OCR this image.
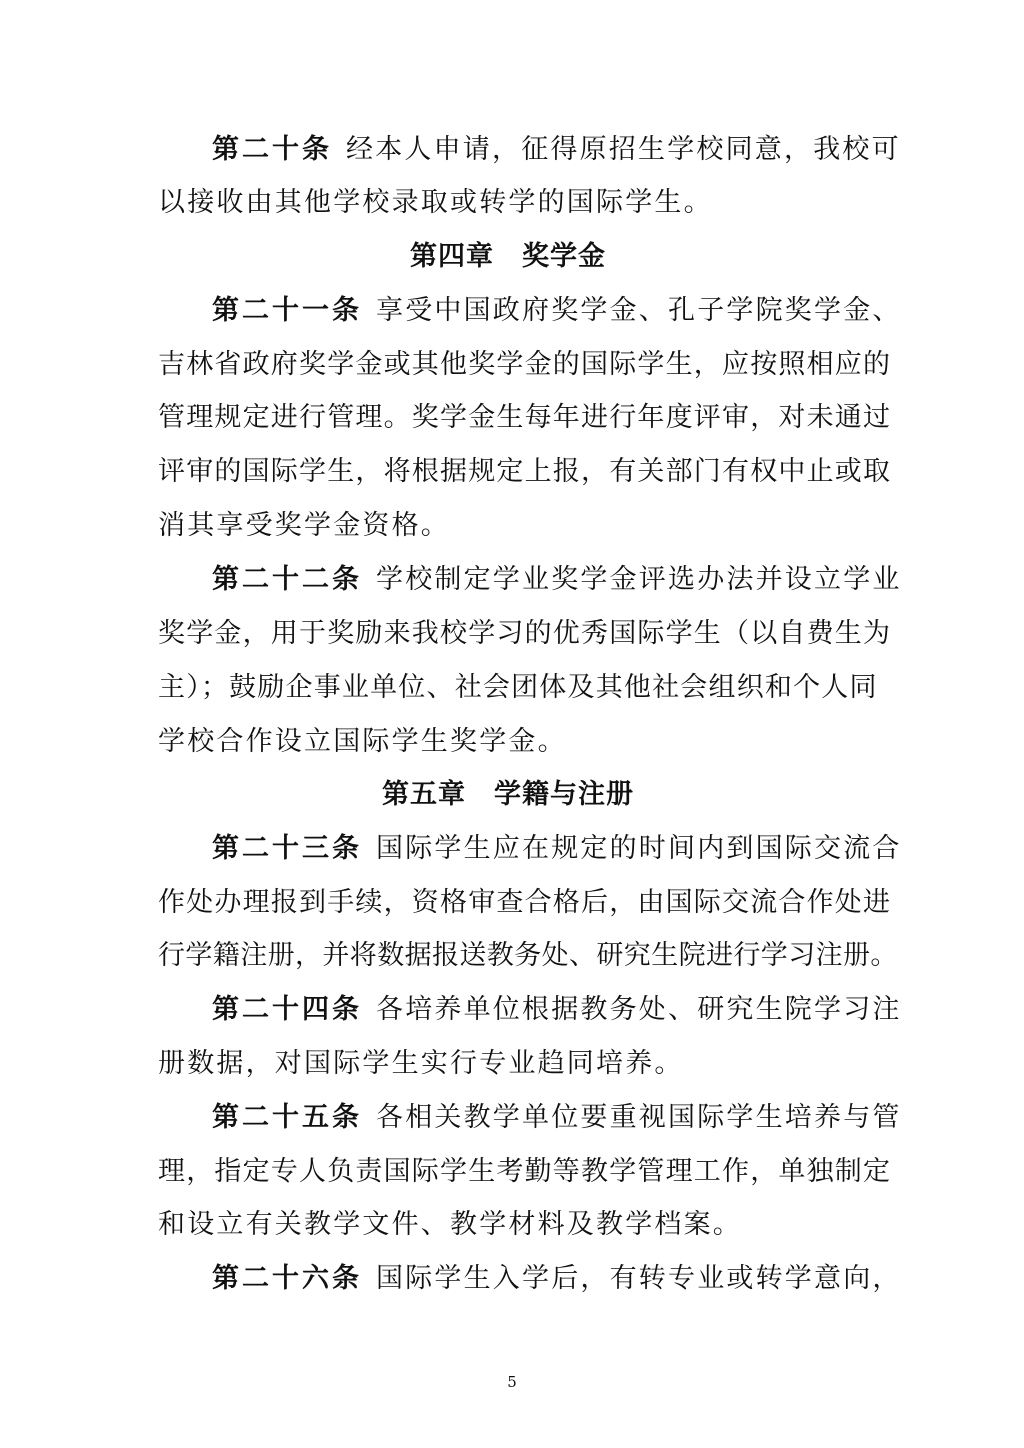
第二十条 经本人申请，征得原招生学校同意，我校可
以接收由其他学校录取或转学的国际学生。
第四章 奖学金
第二十一条 享受中国政府奖学金、孔子学院奖学金、
吉林省政府奖学金或其他奖学金的国际学生，应按照相应的
管理规定进行管理。奖学金生每年进行年度评审，对未通过
评审的国际学生，将根据规定上报，有关部门有权中止或取
消其享受奖学金资格。
第二十二条 学校制定学业奖学金评选办法并设立学业
奖学金，用于奖励来我校学习的优秀国际学生（以自费生为
主）；鼓励企事业单位、社会团体及其他社会组织和个人同
学校合作设立国际学生奖学金。
第五章 学籍与注册
第二十三条 国际学生应在规定的时间内到国际交流合
作处办理报到手续，资格审查合格后，由国际交流合作处进
行学籍注册，并将数据报送教务处、研究生院进行学习注册。
第二十四条 各培养单位根据教务处、研究生院学习注
册数据，对国际学生实行专业趋同培养。
第二十五条 各相关教学单位要重视国际学生培养与管
理，指定专人负责国际学生考勤等教学管理工作，单独制定
和设立有关教学文件、教学材料及教学档案。
第二十六条 国际学生入学后，有转专业或转学意向，
5
